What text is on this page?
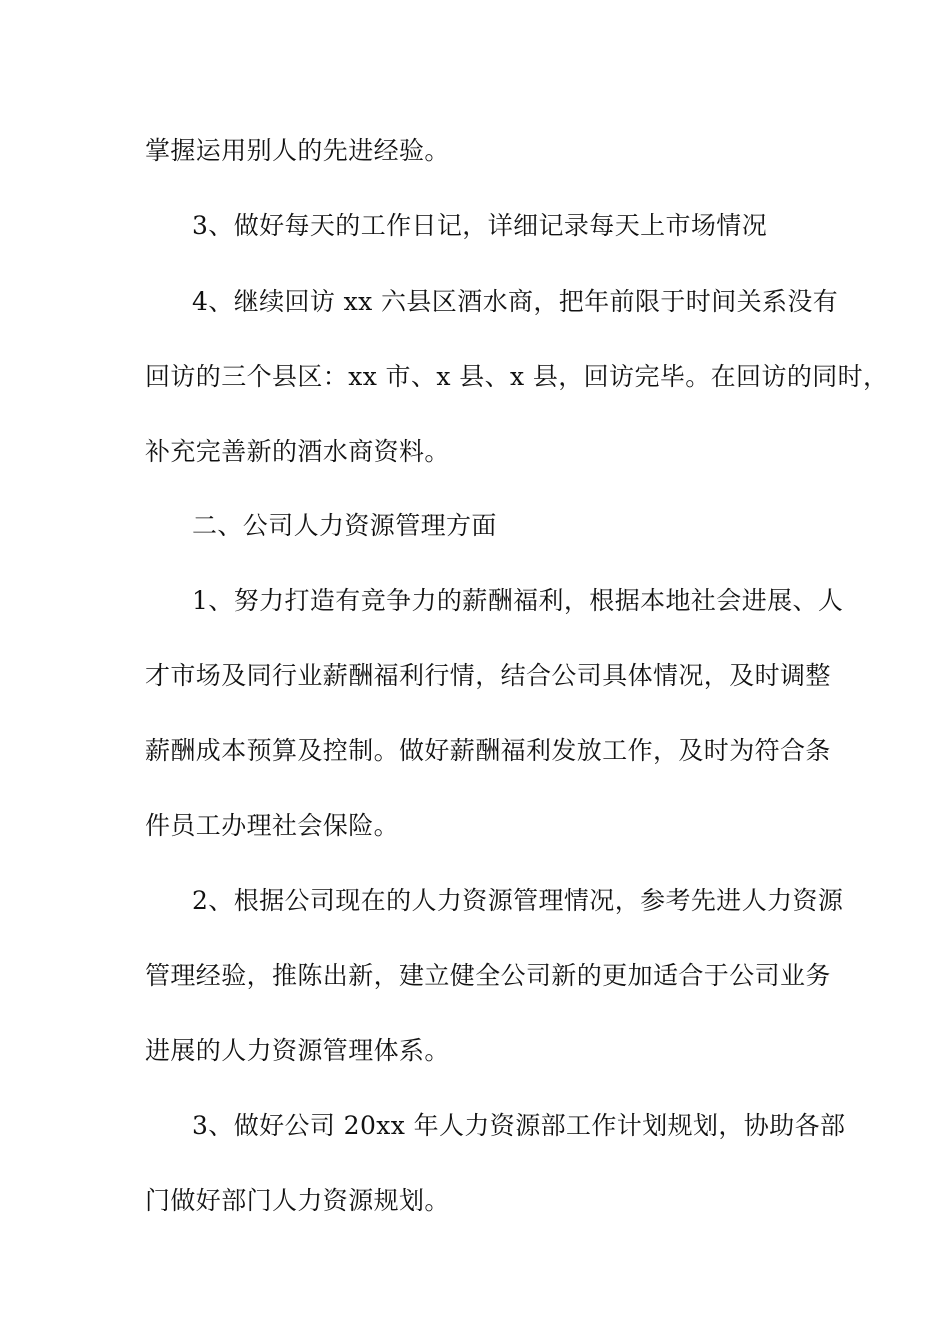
掌握运用别人的先进经验。
3、做好每天的工作日记，详细记录每天上市场情况
4、继续回访 xx 六县区酒水商，把年前限于时间关系没有
回访的三个县区：xx 市、x 县、x 县，回访完毕。在回访的同时，
补充完善新的酒水商资料。
二、公司人力资源管理方面
1、努力打造有竞争力的薪酬福利，根据本地社会进展、人
才市场及同行业薪酬福利行情，结合公司具体情况，及时调整
薪酬成本预算及控制。做好薪酬福利发放工作，及时为符合条
件员工办理社会保险。
2、根据公司现在的人力资源管理情况，参考先进人力资源
管理经验，推陈出新，建立健全公司新的更加适合于公司业务
进展的人力资源管理体系。
3、做好公司 20xx 年人力资源部工作计划规划，协助各部
门做好部门人力资源规划。
